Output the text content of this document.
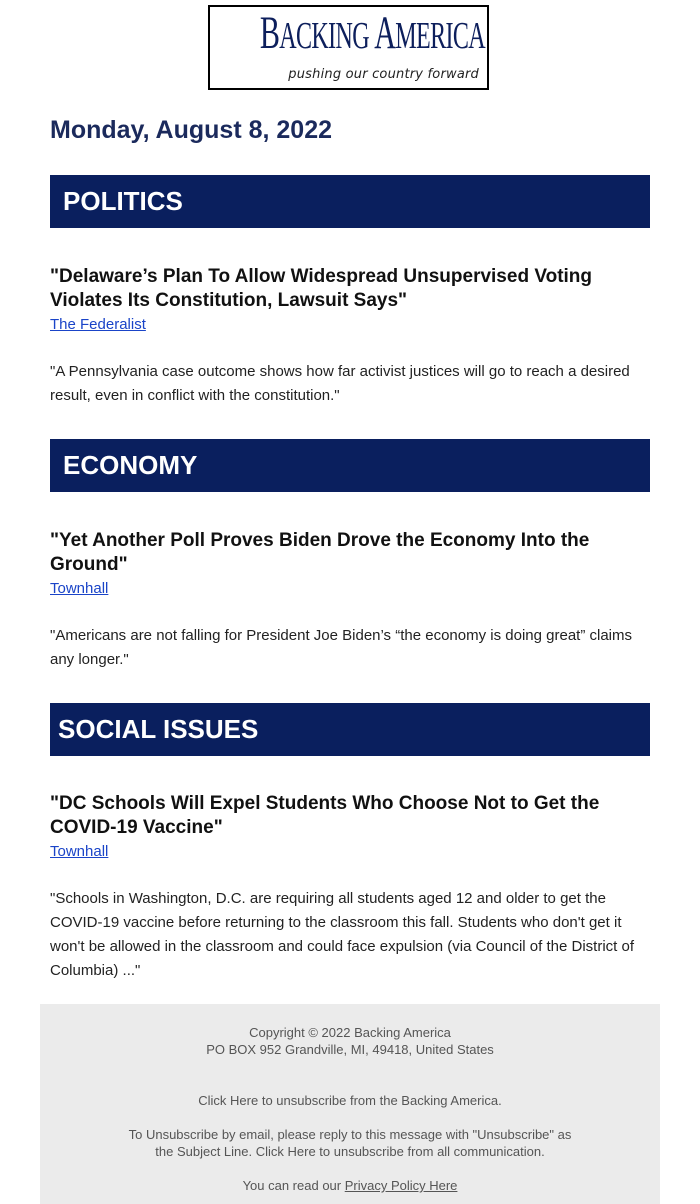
BACKING AMERICA
pushing our country forward
Monday, August 8, 2022
POLITICS
"Delaware’s Plan To Allow Widespread Unsupervised Voting Violates Its Constitution, Lawsuit Says"
The Federalist
"A Pennsylvania case outcome shows how far activist justices will go to reach a desired result, even in conflict with the constitution."
ECONOMY
"Yet Another Poll Proves Biden Drove the Economy Into the Ground"
Townhall
"Americans are not falling for President Joe Biden’s “the economy is doing great” claims any longer."
SOCIAL ISSUES
"DC Schools Will Expel Students Who Choose Not to Get the COVID-19 Vaccine"
Townhall
"Schools in Washington, D.C. are requiring all students aged 12 and older to get the COVID-19 vaccine before returning to the classroom this fall. Students who don't get it won't be allowed in the classroom and could face expulsion (via Council of the District of Columbia) ..."

Copyright © 2022 Backing America

PO BOX 952 Grandville, MI, 49418, United States

Click Here to unsubscribe from the Backing America.

To Unsubscribe by email, please reply to this message with "Unsubscribe" as

the Subject Line. Click Here to unsubscribe from all communication.

You can read our Privacy Policy Here
